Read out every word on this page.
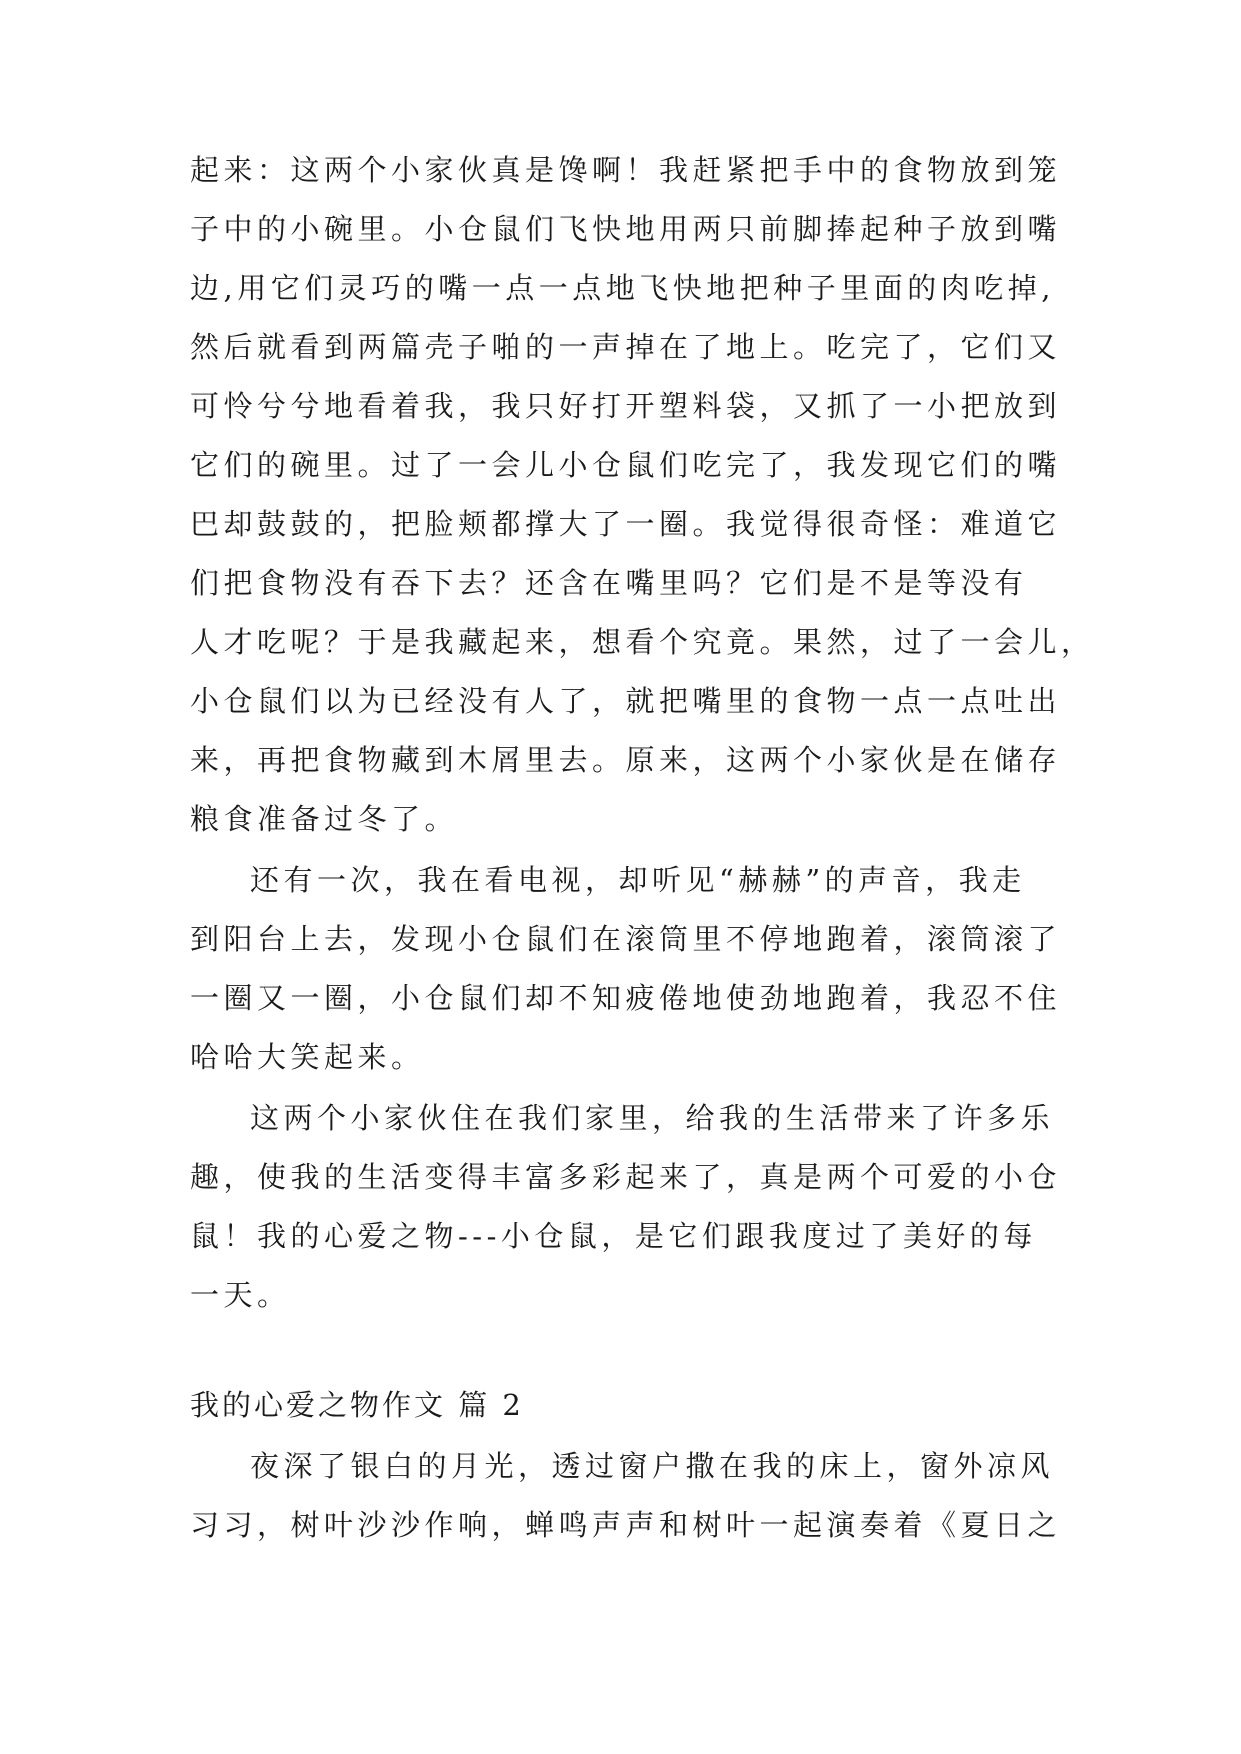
起来：这两个小家伙真是馋啊！我赶紧把手中的食物放到笼
子中的小碗里。小仓鼠们飞快地用两只前脚捧起种子放到嘴
边,用它们灵巧的嘴一点一点地飞快地把种子里面的肉吃掉,
然后就看到两篇壳子啪的一声掉在了地上。吃完了，它们又
可怜兮兮地看着我，我只好打开塑料袋，又抓了一小把放到
它们的碗里。过了一会儿小仓鼠们吃完了，我发现它们的嘴
巴却鼓鼓的，把脸颊都撑大了一圈。我觉得很奇怪：难道它
们把食物没有吞下去？还含在嘴里吗？它们是不是等没有
人才吃呢？于是我藏起来，想看个究竟。果然，过了一会儿，
小仓鼠们以为已经没有人了，就把嘴里的食物一点一点吐出
来，再把食物藏到木屑里去。原来，这两个小家伙是在储存
粮食准备过冬了。
还有一次，我在看电视，却听见“赫赫”的声音，我走
到阳台上去，发现小仓鼠们在滚筒里不停地跑着，滚筒滚了
一圈又一圈，小仓鼠们却不知疲倦地使劲地跑着，我忍不住
哈哈大笑起来。
这两个小家伙住在我们家里，给我的生活带来了许多乐
趣，使我的生活变得丰富多彩起来了，真是两个可爱的小仓
鼠！我的心爱之物---小仓鼠，是它们跟我度过了美好的每
一天。
我的心爱之物作文 篇 2
夜深了银白的月光，透过窗户撒在我的床上，窗外凉风
习习，树叶沙沙作响，蝉鸣声声和树叶一起演奏着《夏日之
